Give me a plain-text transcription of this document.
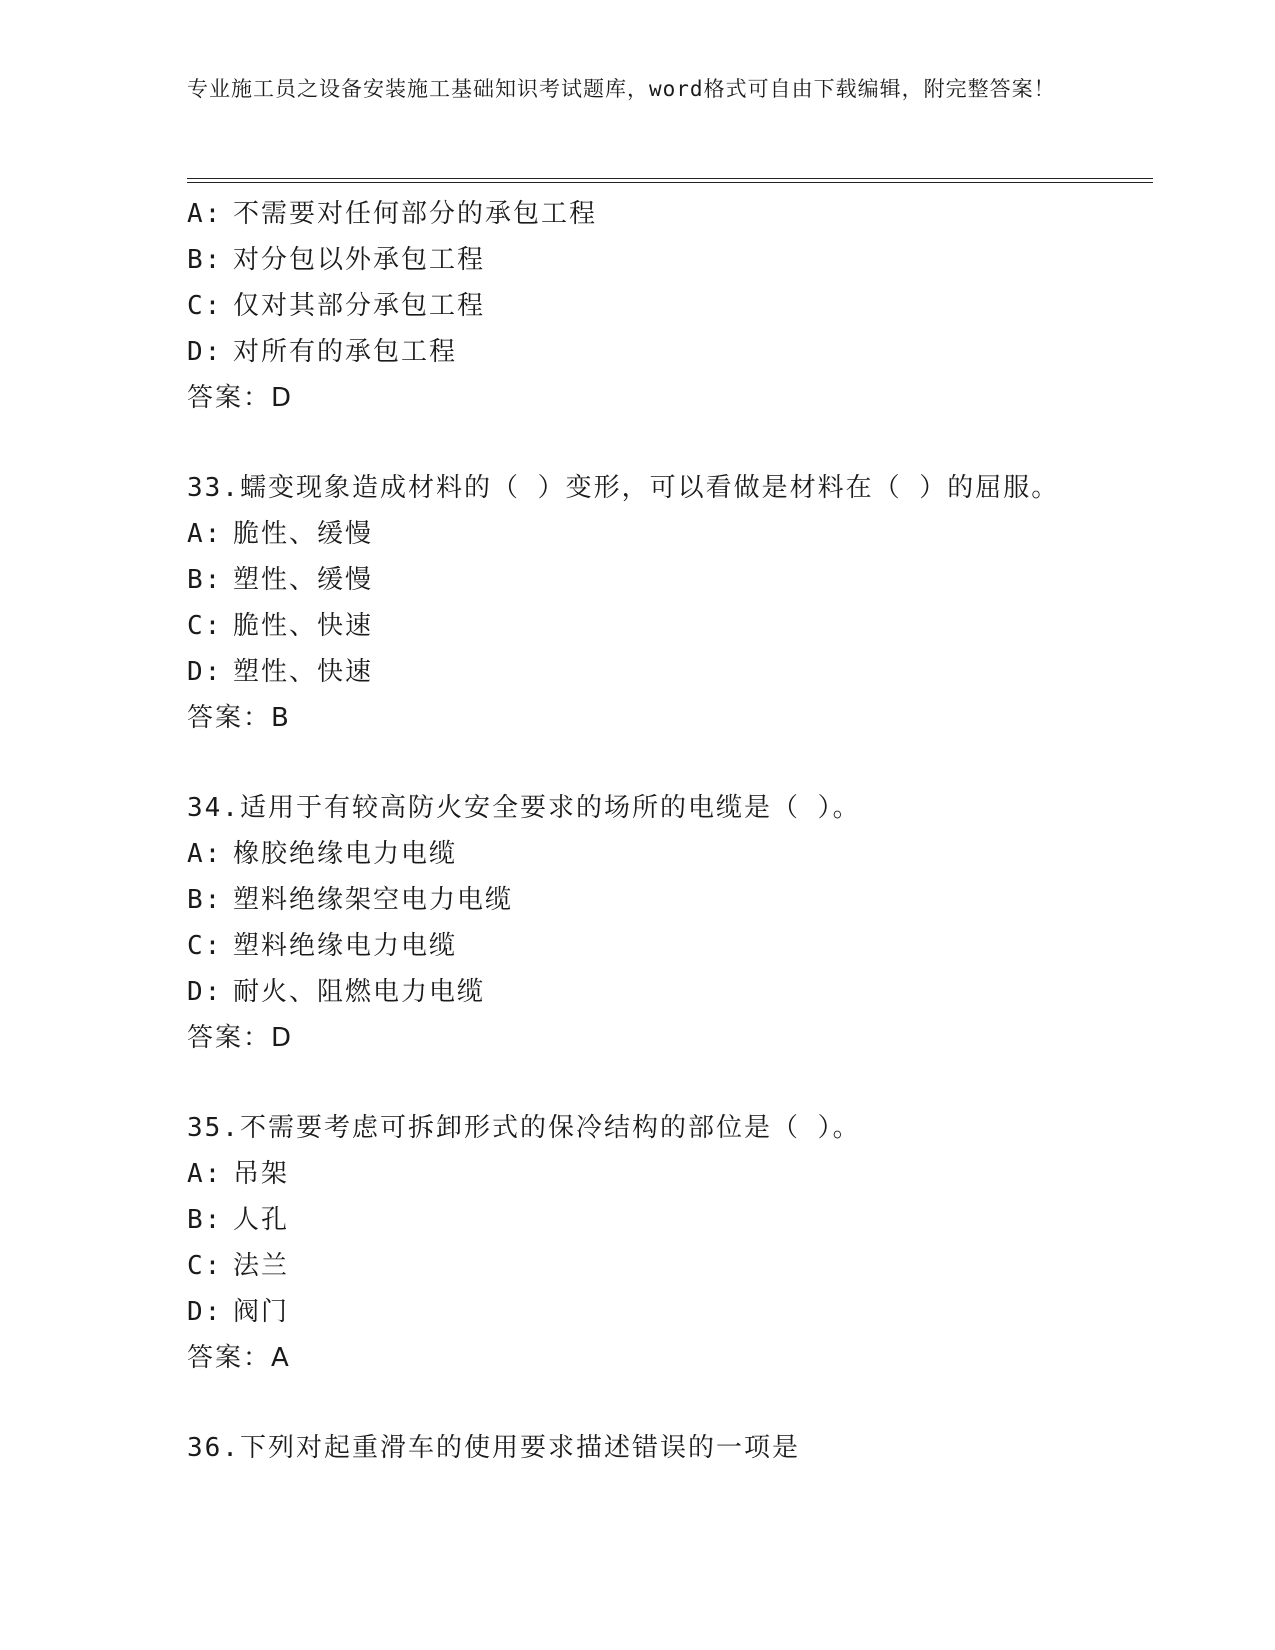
专业施工员之设备安装施工基础知识考试题库，word格式可自由下载编辑，附完整答案！
A: 不需要对任何部分的承包工程
B: 对分包以外承包工程
C: 仅对其部分承包工程
D: 对所有的承包工程
答案：D
33.蠕变现象造成材料的（ ）变形，可以看做是材料在（ ）的屈服。
A: 脆性、缓慢
B: 塑性、缓慢
C: 脆性、快速
D: 塑性、快速
答案：B
34.适用于有较高防火安全要求的场所的电缆是（ ）。
A: 橡胶绝缘电力电缆
B: 塑料绝缘架空电力电缆
C: 塑料绝缘电力电缆
D: 耐火、阻燃电力电缆
答案：D
35.不需要考虑可拆卸形式的保冷结构的部位是（ ）。
A: 吊架
B: 人孔
C: 法兰
D: 阀门
答案：A
36.下列对起重滑车的使用要求描述错误的一项是
